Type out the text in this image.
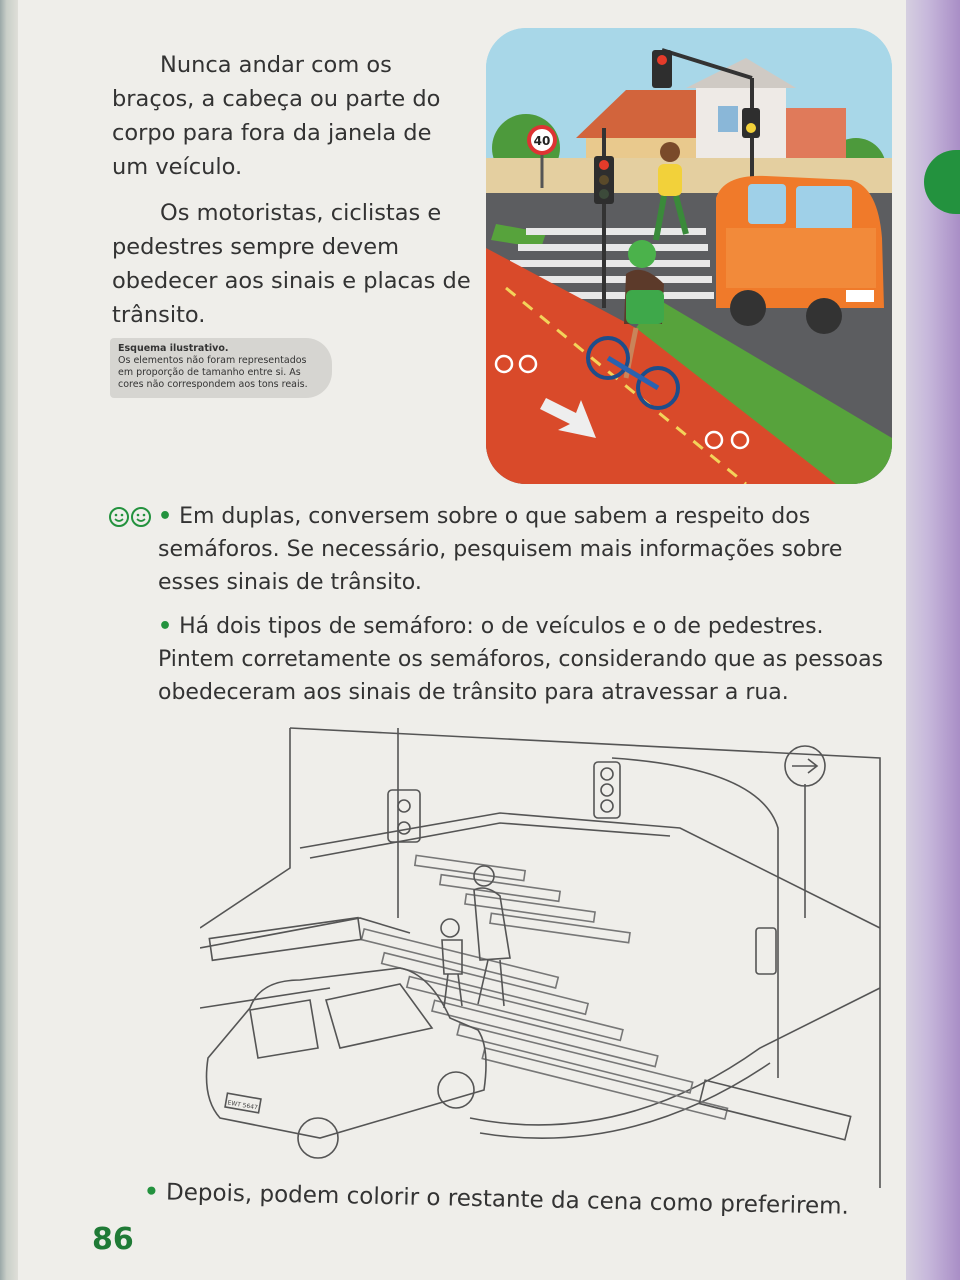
Nunca andar com os braços, a cabeça ou parte do corpo para fora da janela de um veículo.

Os motoristas, ciclistas e pedestres sempre devem obedecer aos sinais e placas de trânsito.

Esquema ilustrativo.
Os elementos não foram representados em proporção de tamanho entre si. As cores não correspondem aos tons reais.
40
• Em duplas, conversem sobre o que sabem a respeito dos semáforos. Se necessário, pesquisem mais informações sobre esses sinais de trânsito.
• Há dois tipos de semáforo: o de veículos e o de pedestres. Pintem corretamente os semáforos, considerando que as pessoas obedeceram aos sinais de trânsito para atravessar a rua.
• Depois, podem colorir o restante da cena como preferirem.
EWT 5647
86
